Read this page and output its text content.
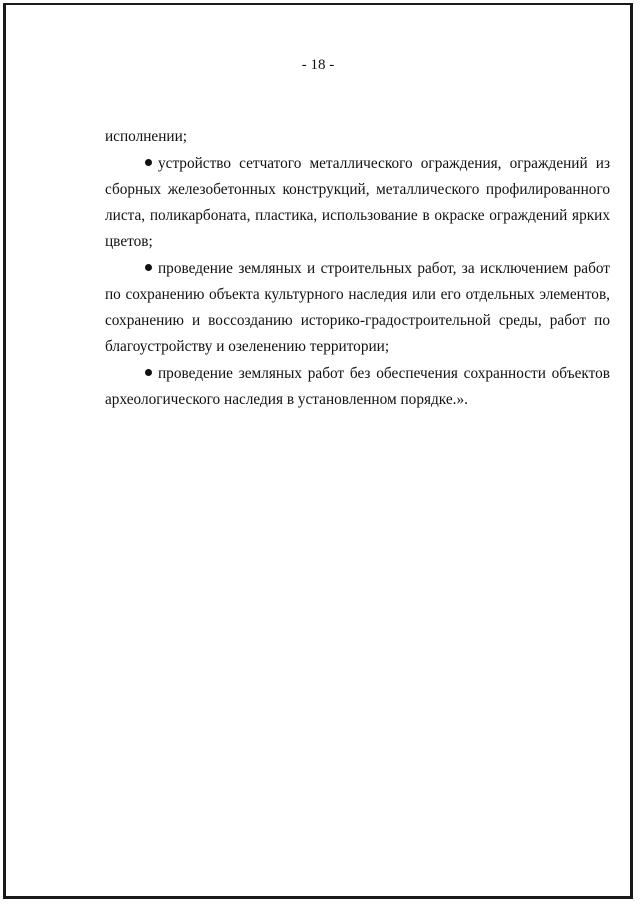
- 18 -

исполнении;

устройство сетчатого металлического ограждения, ограждений из сборных железобетонных конструкций, металлического профилированного листа, поликарбоната, пластика, использование в окраске ограждений ярких цветов;

проведение земляных и строительных работ, за исключением работ по сохранению объекта культурного наследия или его отдельных элементов, сохранению и воссозданию историко-градостроительной среды, работ по благоустройству и озеленению территории;

проведение земляных работ без обеспечения сохранности объектов археологического наследия в установленном порядке.».
